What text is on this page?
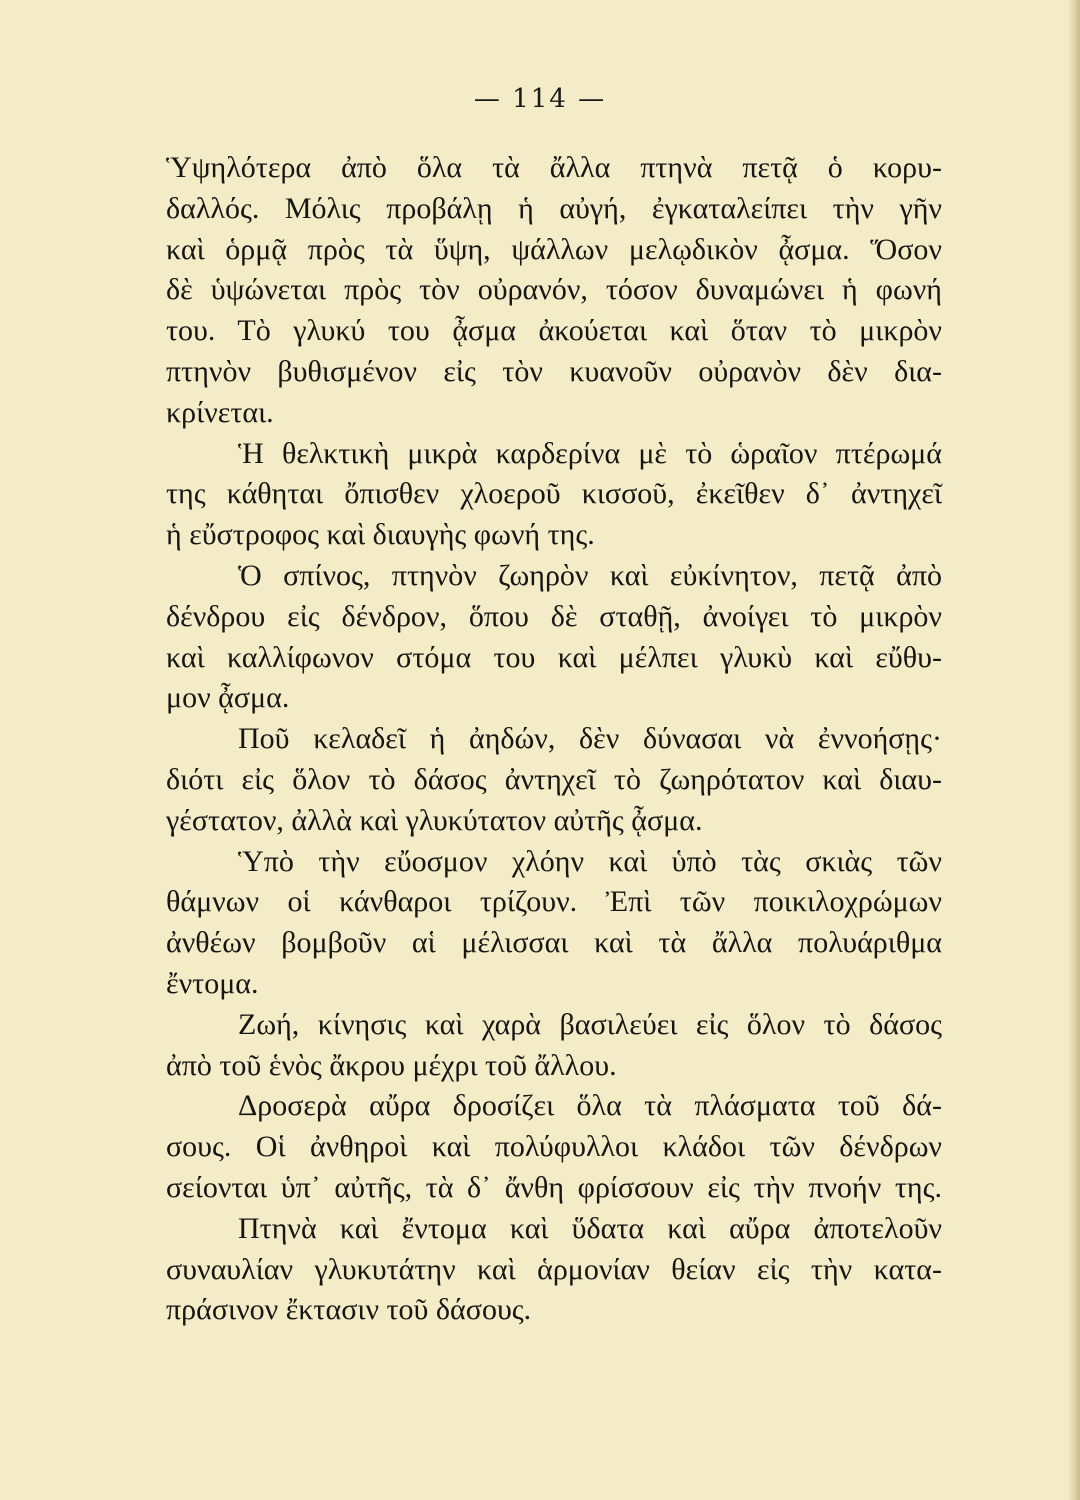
— 114 —
Ὑψηλότερα ἀπὸ ὅλα τὰ ἄλλα πτηνὰ πετᾷ ὁ κορυ-
δαλλός. Μόλις προβάλῃ ἡ αὐγή, ἐγκαταλείπει τὴν γῆν
καὶ ὁρμᾷ πρὸς τὰ ὕψη, ψάλλων μελῳδικὸν ᾆσμα. Ὅσον
δὲ ὑψώνεται πρὸς τὸν οὐρανόν, τόσον δυναμώνει ἡ φωνή
του. Τὸ γλυκύ του ᾆσμα ἀκούεται καὶ ὅταν τὸ μικρὸν
πτηνὸν βυθισμένον εἰς τὸν κυανοῦν οὐρανὸν δὲν δια-
κρίνεται.
Ἡ θελκτικὴ μικρὰ καρδερίνα μὲ τὸ ὡραῖον πτέρωμά
της κάθηται ὄπισθεν χλοεροῦ κισσοῦ, ἐκεῖθεν δ᾽ ἀντηχεῖ
ἡ εὔστροφος καὶ διαυγὴς φωνή της.
Ὁ σπίνος, πτηνὸν ζωηρὸν καὶ εὐκίνητον, πετᾷ ἀπὸ
δένδρου εἰς δένδρον, ὅπου δὲ σταθῇ, ἀνοίγει τὸ μικρὸν
καὶ καλλίφωνον στόμα του καὶ μέλπει γλυκὺ καὶ εὔθυ-
μον ᾆσμα.
Ποῦ κελαδεῖ ἡ ἀηδών, δὲν δύνασαι νὰ ἐννοήσῃς·
διότι εἰς ὅλον τὸ δάσος ἀντηχεῖ τὸ ζωηρότατον καὶ διαυ-
γέστατον, ἀλλὰ καὶ γλυκύτατον αὐτῆς ᾆσμα.
Ὑπὸ τὴν εὔοσμον χλόην καὶ ὑπὸ τὰς σκιὰς τῶν
θάμνων οἱ κάνθαροι τρίζουν. Ἐπὶ τῶν ποικιλοχρώμων
ἀνθέων βομβοῦν αἱ μέλισσαι καὶ τὰ ἄλλα πολυάριθμα
ἔντομα.
Ζωή, κίνησις καὶ χαρὰ βασιλεύει εἰς ὅλον τὸ δάσος
ἀπὸ τοῦ ἑνὸς ἄκρου μέχρι τοῦ ἄλλου.
Δροσερὰ αὔρα δροσίζει ὅλα τὰ πλάσματα τοῦ δά-
σους. Οἱ ἀνθηροὶ καὶ πολύφυλλοι κλάδοι τῶν δένδρων
σείονται ὑπ᾽ αὐτῆς, τὰ δ᾽ ἄνθη φρίσσουν εἰς τὴν πνοήν της.
Πτηνὰ καὶ ἔντομα καὶ ὕδατα καὶ αὔρα ἀποτελοῦν
συναυλίαν γλυκυτάτην καὶ ἁρμονίαν θείαν εἰς τὴν κατα-
πράσινον ἔκτασιν τοῦ δάσους.
